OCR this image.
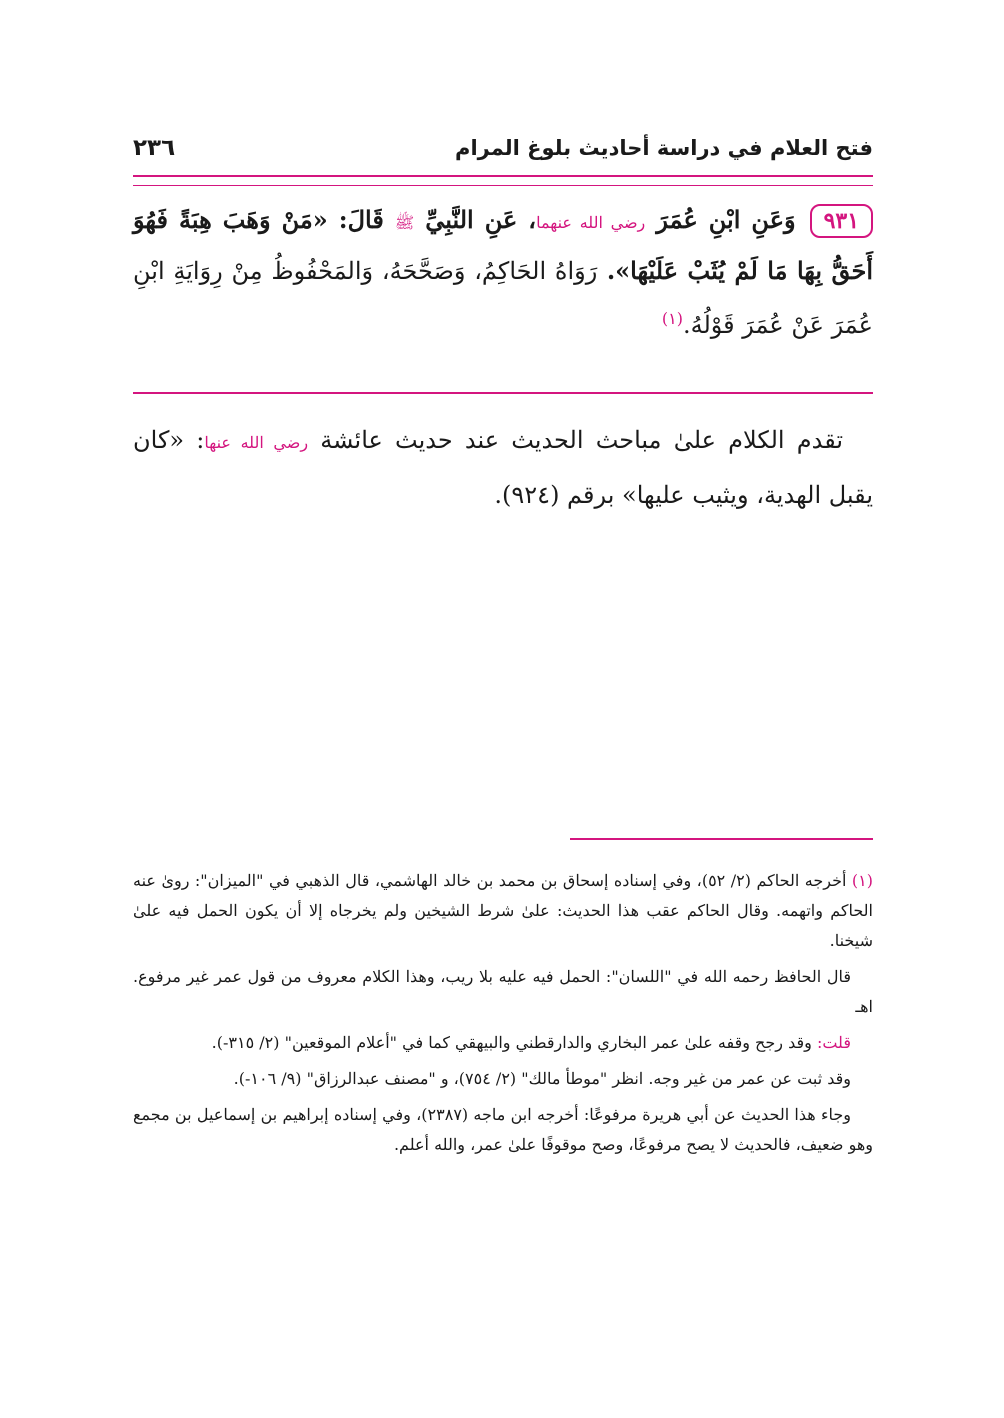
فتح العلام في دراسة أحاديث بلوغ المرام
٢٣٦
٩٣١وَعَنِ ابْنِ عُمَرَ رضي الله عنهما، عَنِ النَّبِيِّ ﷺ قَالَ: «مَنْ وَهَبَ هِبَةً فَهُوَ أَحَقُّ بِهَا مَا لَمْ يُثَبْ عَلَيْهَا». رَوَاهُ الحَاكِمُ، وَصَحَّحَهُ، وَالمَحْفُوظُ مِنْ رِوَايَةِ ابْنِ عُمَرَ عَنْ عُمَرَ قَوْلُهُ.$^{(١)}$
تقدم الكلام علىٰ مباحث الحديث عند حديث عائشة رضي الله عنها: «كان يقبل الهدية، ويثيب عليها» برقم (٩٢٤).

(١) أخرجه الحاكم (٢/ ٥٢)، وفي إسناده إسحاق بن محمد بن خالد الهاشمي، قال الذهبي في "الميزان": روىٰ عنه الحاكم واتهمه. وقال الحاكم عقب هذا الحديث: علىٰ شرط الشيخين ولم يخرجاه إلا أن يكون الحمل فيه علىٰ شيخنا.

قال الحافظ رحمه الله في "اللسان": الحمل فيه عليه بلا ريب، وهذا الكلام معروف من قول عمر غير مرفوع. اهـ

قلت: وقد رجح وقفه علىٰ عمر البخاري والدارقطني والبيهقي كما في "أعلام الموقعين" (٢/ ٣١٥-).

وقد ثبت عن عمر من غير وجه. انظر "موطأ مالك" (٢/ ٧٥٤)، و "مصنف عبدالرزاق" (٩/ ١٠٦-).

وجاء هذا الحديث عن أبي هريرة مرفوعًا: أخرجه ابن ماجه (٢٣٨٧)، وفي إسناده إبراهيم بن إسماعيل بن مجمع وهو ضعيف، فالحديث لا يصح مرفوعًا، وصح موقوفًا علىٰ عمر، والله أعلم.
